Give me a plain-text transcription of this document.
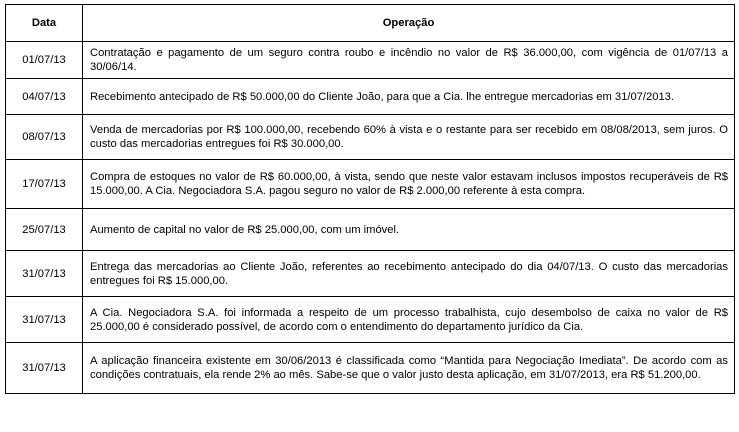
Data	Operação
01/07/13	Contratação e pagamento de um seguro contra roubo e incêndio no valor de R$ 36.000,00, com vigência de 01/07/13 a 30/06/14.
04/07/13	Recebimento antecipado de R$ 50.000,00 do Cliente João, para que a Cia. lhe entregue mercadorias em 31/07/2013.
08/07/13	Venda de mercadorias por R$ 100.000,00, recebendo 60% à vista e o restante para ser recebido em 08/08/2013, sem juros. O custo das mercadorias entregues foi R$ 30.000,00.
17/07/13	Compra de estoques no valor de R$ 60.000,00, à vista, sendo que neste valor estavam inclusos impostos recuperáveis de R$ 15.000,00. A Cia. Negociadora S.A. pagou seguro no valor de R$ 2.000,00 referente à esta compra.
25/07/13	Aumento de capital no valor de R$ 25.000,00, com um imóvel.
31/07/13	Entrega das mercadorias ao Cliente João, referentes ao recebimento antecipado do dia 04/07/13. O custo das mercadorias entregues foi R$ 15.000,00.
31/07/13	A Cia. Negociadora S.A. foi informada a respeito de um processo trabalhista, cujo desembolso de caixa no valor de R$ 25.000,00 é considerado possível, de acordo com o entendimento do departamento jurídico da Cia.
31/07/13	A aplicação financeira existente em 30/06/2013 é classificada como “Mantida para Negociação Imediata”. De acordo com as condições contratuais, ela rende 2% ao mês. Sabe-se que o valor justo desta aplicação, em 31/07/2013, era R$ 51.200,00.
